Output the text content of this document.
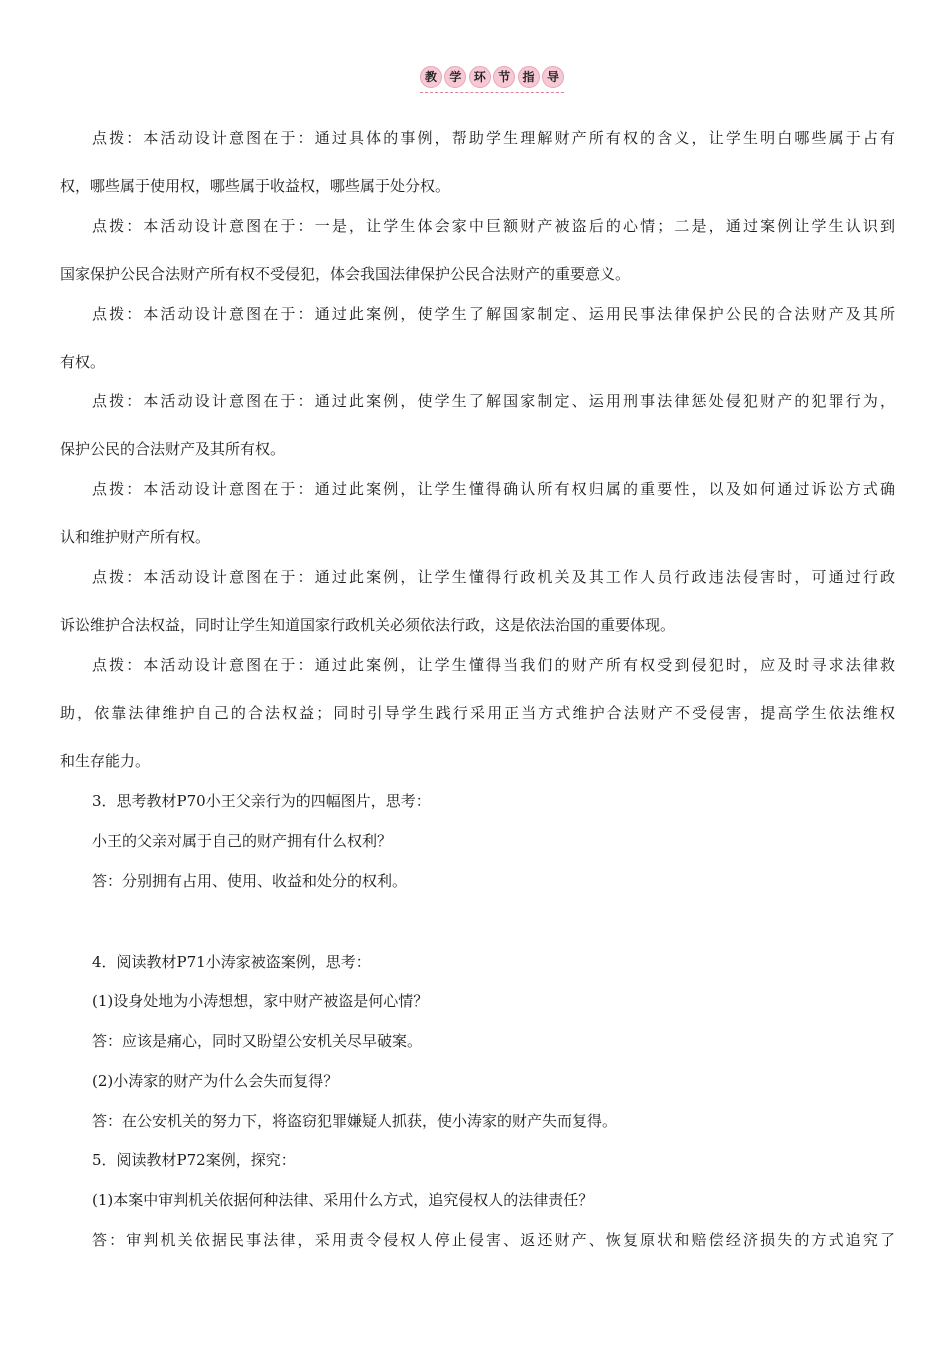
教	学	环	节	指	导
点拨：本活动设计意图在于：通过具体的事例，帮助学生理解财产所有权的含义，让学生明白哪些属于占有
权，哪些属于使用权，哪些属于收益权，哪些属于处分权。
点拨：本活动设计意图在于：一是，让学生体会家中巨额财产被盗后的心情；二是，通过案例让学生认识到
国家保护公民合法财产所有权不受侵犯，体会我国法律保护公民合法财产的重要意义。
点拨：本活动设计意图在于：通过此案例，使学生了解国家制定、运用民事法律保护公民的合法财产及其所
有权。
点拨：本活动设计意图在于：通过此案例，使学生了解国家制定、运用刑事法律惩处侵犯财产的犯罪行为，
保护公民的合法财产及其所有权。
点拨：本活动设计意图在于：通过此案例，让学生懂得确认所有权归属的重要性，以及如何通过诉讼方式确
认和维护财产所有权。
点拨：本活动设计意图在于：通过此案例，让学生懂得行政机关及其工作人员行政违法侵害时，可通过行政
诉讼维护合法权益，同时让学生知道国家行政机关必须依法行政，这是依法治国的重要体现。
点拨：本活动设计意图在于：通过此案例，让学生懂得当我们的财产所有权受到侵犯时，应及时寻求法律救
助，依靠法律维护自己的合法权益；同时引导学生践行采用正当方式维护合法财产不受侵害，提高学生依法维权
和生存能力。
3．思考教材P70小王父亲行为的四幅图片，思考：
小王的父亲对属于自己的财产拥有什么权利？
答：分别拥有占用、使用、收益和处分的权利。
4．阅读教材P71小涛家被盗案例，思考：
(1)设身处地为小涛想想，家中财产被盗是何心情？
答：应该是痛心，同时又盼望公安机关尽早破案。
(2)小涛家的财产为什么会失而复得？
答：在公安机关的努力下，将盗窃犯罪嫌疑人抓获，使小涛家的财产失而复得。
5．阅读教材P72案例，探究：
(1)本案中审判机关依据何种法律、采用什么方式，追究侵权人的法律责任？
答：审判机关依据民事法律，采用责令侵权人停止侵害、返还财产、恢复原状和赔偿经济损失的方式追究了
